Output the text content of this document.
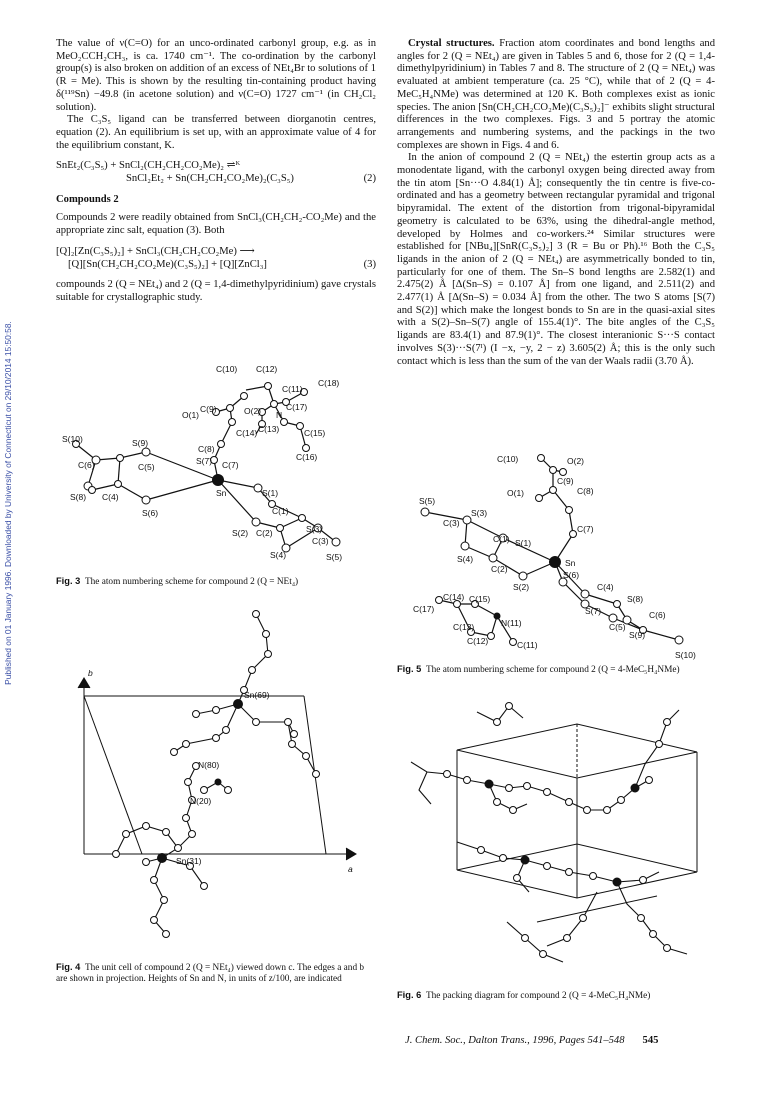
Published on 01 January 1996. Downloaded by University of Connecticut on 29/10/2014 15:50:58.

The value of ν(C=O) for an unco-ordinated carbonyl group, e.g. as in MeO₂CCH₂CH₃, is ca. 1740 cm⁻¹. The co-ordination by the carbonyl group(s) is also broken on addition of an excess of NEt₄Br to solutions of 1 (R = Me). This is shown by the resulting tin-containing product having δ(¹¹⁹Sn) −49.8 (in acetone solution) and ν(C=O) 1727 cm⁻¹ (in CH₂Cl₂ solution).

The C₃S₅ ligand can be transferred between diorganotin centres, equation (2). An equilibrium is set up, with an approximate value of 4 for the equilibrium constant, K.

SnEt₂(C₃S₅) + SnCl₂(CH₂CH₂CO₂Me)₂ ⇌ᴷ
SnCl₂Et₂ + Sn(CH₂CH₂CO₂Me)₂(C₃S₅)	(2)

Compounds 2

Compounds 2 were readily obtained from SnCl₃(CH₂CH₂-CO₂Me) and the appropriate zinc salt, equation (3). Both

[Q]₂[Zn(C₃S₅)₂] + SnCl₃(CH₂CH₂CO₂Me) ⟶
[Q][Sn(CH₂CH₂CO₂Me)(C₃S₅)₂] + [Q][ZnCl₃]	(3)

compounds 2 (Q = NEt₄) and 2 (Q = 1,4-dimethylpyridinium) gave crystals suitable for crystallographic study.

Crystal structures. Fraction atom coordinates and bond lengths and angles for 2 (Q = NEt₄) are given in Tables 5 and 6, those for 2 (Q = 1,4-dimethylpyridinium) in Tables 7 and 8. The structure of 2 (Q = NEt₄) was evaluated at ambient temperature (ca. 25 °C), while that of 2 (Q = 4-MeC₅H₄NMe) was determined at 120 K. Both complexes exist as ionic species. The anion [Sn(CH₂CH₂CO₂Me)(C₃S₅)₂]⁻ exhibits slight structural differences in the two complexes. Figs. 3 and 5 portray the atomic arrangements and numbering systems, and the packings in the two complexes are shown in Figs. 4 and 6.

In the anion of compound 2 (Q = NEt₄) the estertin group acts as a monodentate ligand, with the carbonyl oxygen being directed away from the tin atom [Sn···O 4.84(1) Å]; consequently the tin centre is five-co-ordinated and has a geometry between rectangular pyramidal and trigonal bipyramidal. The extent of the distortion from trigonal-bipyramidal geometry is calculated to be 63%, using the dihedral-angle method, developed by Holmes and co-workers.²⁴ Similar structures were established for [NBu₄][SnR(C₃S₅)₂] 3 (R = Bu or Ph).¹⁶ Both the C₃S₅ ligands in the anion of 2 (Q = NEt₄) are asymmetrically bonded to tin, particularly for one of them. The Sn–S bond lengths are 2.582(1) and 2.475(2) Å [Δ(Sn–S) = 0.107 Å] from one ligand, and 2.511(2) and 2.477(1) Å [Δ(Sn–S) = 0.034 Å] from the other. The two S atoms [S(7) and S(2)] which make the longest bonds to Sn are in the quasi-axial sites with a S(2)–Sn–S(7) angle of 155.4(1)°. The bite angles of the C₃S₅ ligands are 83.4(1) and 87.9(1)°. The closest interanionic S···S contact involves S(3)···S(7ᴵ) (I −x, −y, 2 − z) 3.605(2) Å; this is the only such contact which is less than the sum of the van der Waals radii (3.70 Å).

C(10) C(12)
C(18)
C(11)
O(1)
C(9)	O(2) N
C(17)
C(13)
C(14)	C(15)
C(8)
S(10)	S(9)
C(7)
C(6)	C(5)
S(7)	C(16)
Sn	S(1)
S(8) C(4)
C(1)
S(3)
S(6)
S(2) C(2)
C(3)
S(4)	S(5)
Fig. 3 The atom numbering scheme for compound 2 (Q = NEt₄)
b
Sn(69)
N(80)
N(20)
Sn(31)
a
Fig. 4 The unit cell of compound 2 (Q = NEt₄) viewed down c. The edges a and b are shown in projection. Heights of Sn and N, in units of z/100, are indicated
C(10)	O(2)
C(9)
S(5)
O(1)	C(8)
C(3)
S(3)
C(7)
C(1) S(1)
S(4)
C(2)
Sn
S(6)
S(2)	C(4)
S(8)
C(14) C(15)
C(17)	S(7)
C(5)
C(6)
N(11)
C(13)
S(9)
C(12)	C(11)
S(10)
Fig. 5 The atom numbering scheme for compound 2 (Q = 4-MeC₅H₄NMe)
Fig. 6 The packing diagram for compound 2 (Q = 4-MeC₅H₄NMe)
J. Chem. Soc., Dalton Trans., 1996, Pages 541–548 545
